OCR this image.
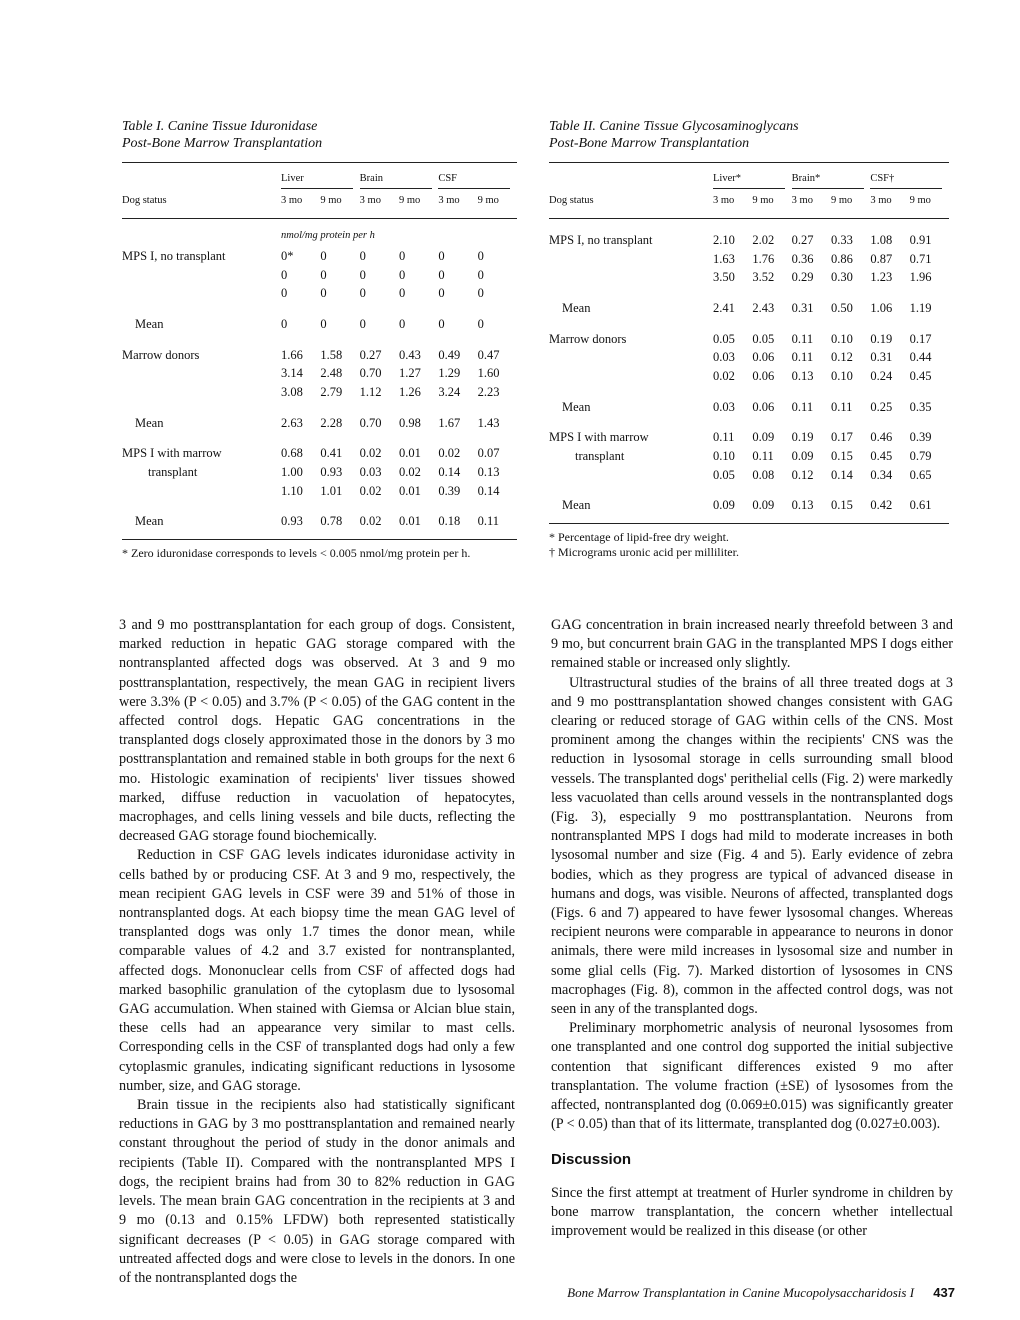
Table I. Canine Tissue Iduronidase
Post-Bone Marrow Transplantation
	Liver		Brain		CSF	
Dog status	3 mo	9 mo	3 mo	9 mo	3 mo	9 mo
	nmol/mg protein per h					
MPS I, no transplant	0*	0	0	0	0	0
	0	0	0	0	0	0
	0	0	0	0	0	0

Mean	0	0	0	0	0	0

Marrow donors	1.66	1.58	0.27	0.43	0.49	0.47
	3.14	2.48	0.70	1.27	1.29	1.60
	3.08	2.79	1.12	1.26	3.24	2.23

Mean	2.63	2.28	0.70	0.98	1.67	1.43

MPS I with marrow	0.68	0.41	0.02	0.01	0.02	0.07
transplant	1.00	0.93	0.03	0.02	0.14	0.13
	1.10	1.01	0.02	0.01	0.39	0.14

Mean	0.93	0.78	0.02	0.01	0.18	0.11
* Zero iduronidase corresponds to levels < 0.005 nmol/mg protein per h.
Table II. Canine Tissue Glycosaminoglycans
Post-Bone Marrow Transplantation
	Liver*		Brain*		CSF†	
Dog status	3 mo	9 mo	3 mo	9 mo	3 mo	9 mo

MPS I, no transplant	2.10	2.02	0.27	0.33	1.08	0.91
	1.63	1.76	0.36	0.86	0.87	0.71
	3.50	3.52	0.29	0.30	1.23	1.96

Mean	2.41	2.43	0.31	0.50	1.06	1.19

Marrow donors	0.05	0.05	0.11	0.10	0.19	0.17
	0.03	0.06	0.11	0.12	0.31	0.44
	0.02	0.06	0.13	0.10	0.24	0.45

Mean	0.03	0.06	0.11	0.11	0.25	0.35

MPS I with marrow	0.11	0.09	0.19	0.17	0.46	0.39
transplant	0.10	0.11	0.09	0.15	0.45	0.79
	0.05	0.08	0.12	0.14	0.34	0.65

Mean	0.09	0.09	0.13	0.15	0.42	0.61
* Percentage of lipid-free dry weight.
† Micrograms uronic acid per milliliter.

3 and 9 mo posttransplantation for each group of dogs. Consistent, marked reduction in hepatic GAG storage compared with the nontransplanted affected dogs was observed. At 3 and 9 mo posttransplantation, respectively, the mean GAG in recipient livers were 3.3% (P < 0.05) and 3.7% (P < 0.05) of the GAG content in the affected control dogs. Hepatic GAG concentrations in the transplanted dogs closely approximated those in the donors by 3 mo posttransplantation and remained stable in both groups for the next 6 mo. Histologic examination of recipients' liver tissues showed marked, diffuse reduction in vacuolation of hepatocytes, macrophages, and cells lining vessels and bile ducts, reflecting the decreased GAG storage found biochemically.

Reduction in CSF GAG levels indicates iduronidase activity in cells bathed by or producing CSF. At 3 and 9 mo, respectively, the mean recipient GAG levels in CSF were 39 and 51% of those in nontransplanted dogs. At each biopsy time the mean GAG level of transplanted dogs was only 1.7 times the donor mean, while comparable values of 4.2 and 3.7 existed for nontransplanted, affected dogs. Mononuclear cells from CSF of affected dogs had marked basophilic granulation of the cytoplasm due to lysosomal GAG accumulation. When stained with Giemsa or Alcian blue stain, these cells had an appearance very similar to mast cells. Corresponding cells in the CSF of transplanted dogs had only a few cytoplasmic granules, indicating significant reductions in lysosome number, size, and GAG storage.

Brain tissue in the recipients also had statistically significant reductions in GAG by 3 mo posttransplantation and remained nearly constant throughout the period of study in the donor animals and recipients (Table II). Compared with the nontransplanted MPS I dogs, the recipient brains had from 30 to 82% reduction in GAG levels. The mean brain GAG concentration in the recipients at 3 and 9 mo (0.13 and 0.15% LFDW) both represented statistically significant decreases (P < 0.05) in GAG storage compared with untreated affected dogs and were close to levels in the donors. In one of the nontransplanted dogs the

GAG concentration in brain increased nearly threefold between 3 and 9 mo, but concurrent brain GAG in the transplanted MPS I dogs either remained stable or increased only slightly.

Ultrastructural studies of the brains of all three treated dogs at 3 and 9 mo posttransplantation showed changes consistent with GAG clearing or reduced storage of GAG within cells of the CNS. Most prominent among the changes within the recipients' CNS was the reduction in lysosomal storage in cells surrounding small blood vessels. The transplanted dogs' perithelial cells (Fig. 2) were markedly less vacuolated than cells around vessels in the nontransplanted dogs (Fig. 3), especially 9 mo posttransplantation. Neurons from nontransplanted MPS I dogs had mild to moderate increases in both lysosomal number and size (Fig. 4 and 5). Early evidence of zebra bodies, which as they progress are typical of advanced disease in humans and dogs, was visible. Neurons of affected, transplanted dogs (Figs. 6 and 7) appeared to have fewer lysosomal changes. Whereas recipient neurons were comparable in appearance to neurons in donor animals, there were mild increases in lysosomal size and number in some glial cells (Fig. 7). Marked distortion of lysosomes in CNS macrophages (Fig. 8), common in the affected control dogs, was not seen in any of the transplanted dogs.

Preliminary morphometric analysis of neuronal lysosomes from one transplanted and one control dog supported the initial subjective contention that significant differences existed 9 mo after transplantation. The volume fraction (±SE) of lysosomes from the affected, nontransplanted dog (0.069±0.015) was significantly greater (P < 0.05) than that of its littermate, transplanted dog (0.027±0.003).

Discussion

Since the first attempt at treatment of Hurler syndrome in children by bone marrow transplantation, the concern whether intellectual improvement would be realized in this disease (or other

Bone Marrow Transplantation in Canine Mucopolysaccharidosis I 437
